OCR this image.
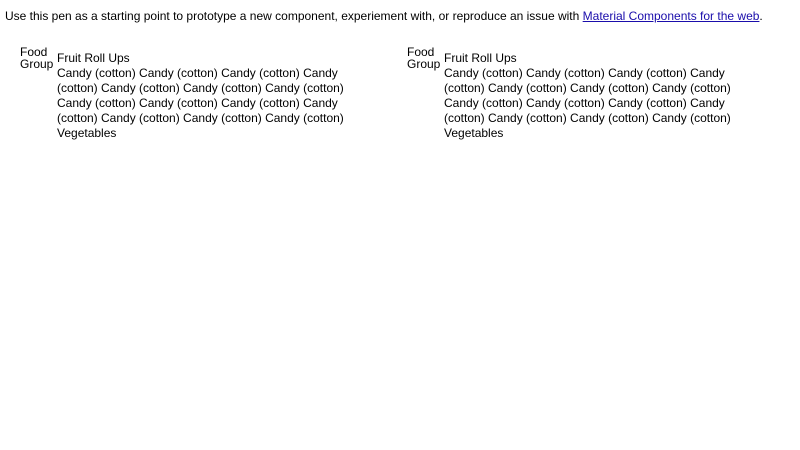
Use this pen as a starting point to prototype a new component, experiement with, or reproduce an issue with Material Components for the web.
Food Group Fruit Roll Ups
Candy (cotton) Candy (cotton) Candy (cotton) Candy (cotton) Candy (cotton) Candy (cotton) Candy (cotton) Candy (cotton) Candy (cotton) Candy (cotton) Candy (cotton) Candy (cotton) Candy (cotton) Candy (cotton)
Vegetables
Food Group Fruit Roll Ups
Candy (cotton) Candy (cotton) Candy (cotton) Candy (cotton) Candy (cotton) Candy (cotton) Candy (cotton) Candy (cotton) Candy (cotton) Candy (cotton) Candy (cotton) Candy (cotton) Candy (cotton) Candy (cotton)
Vegetables
